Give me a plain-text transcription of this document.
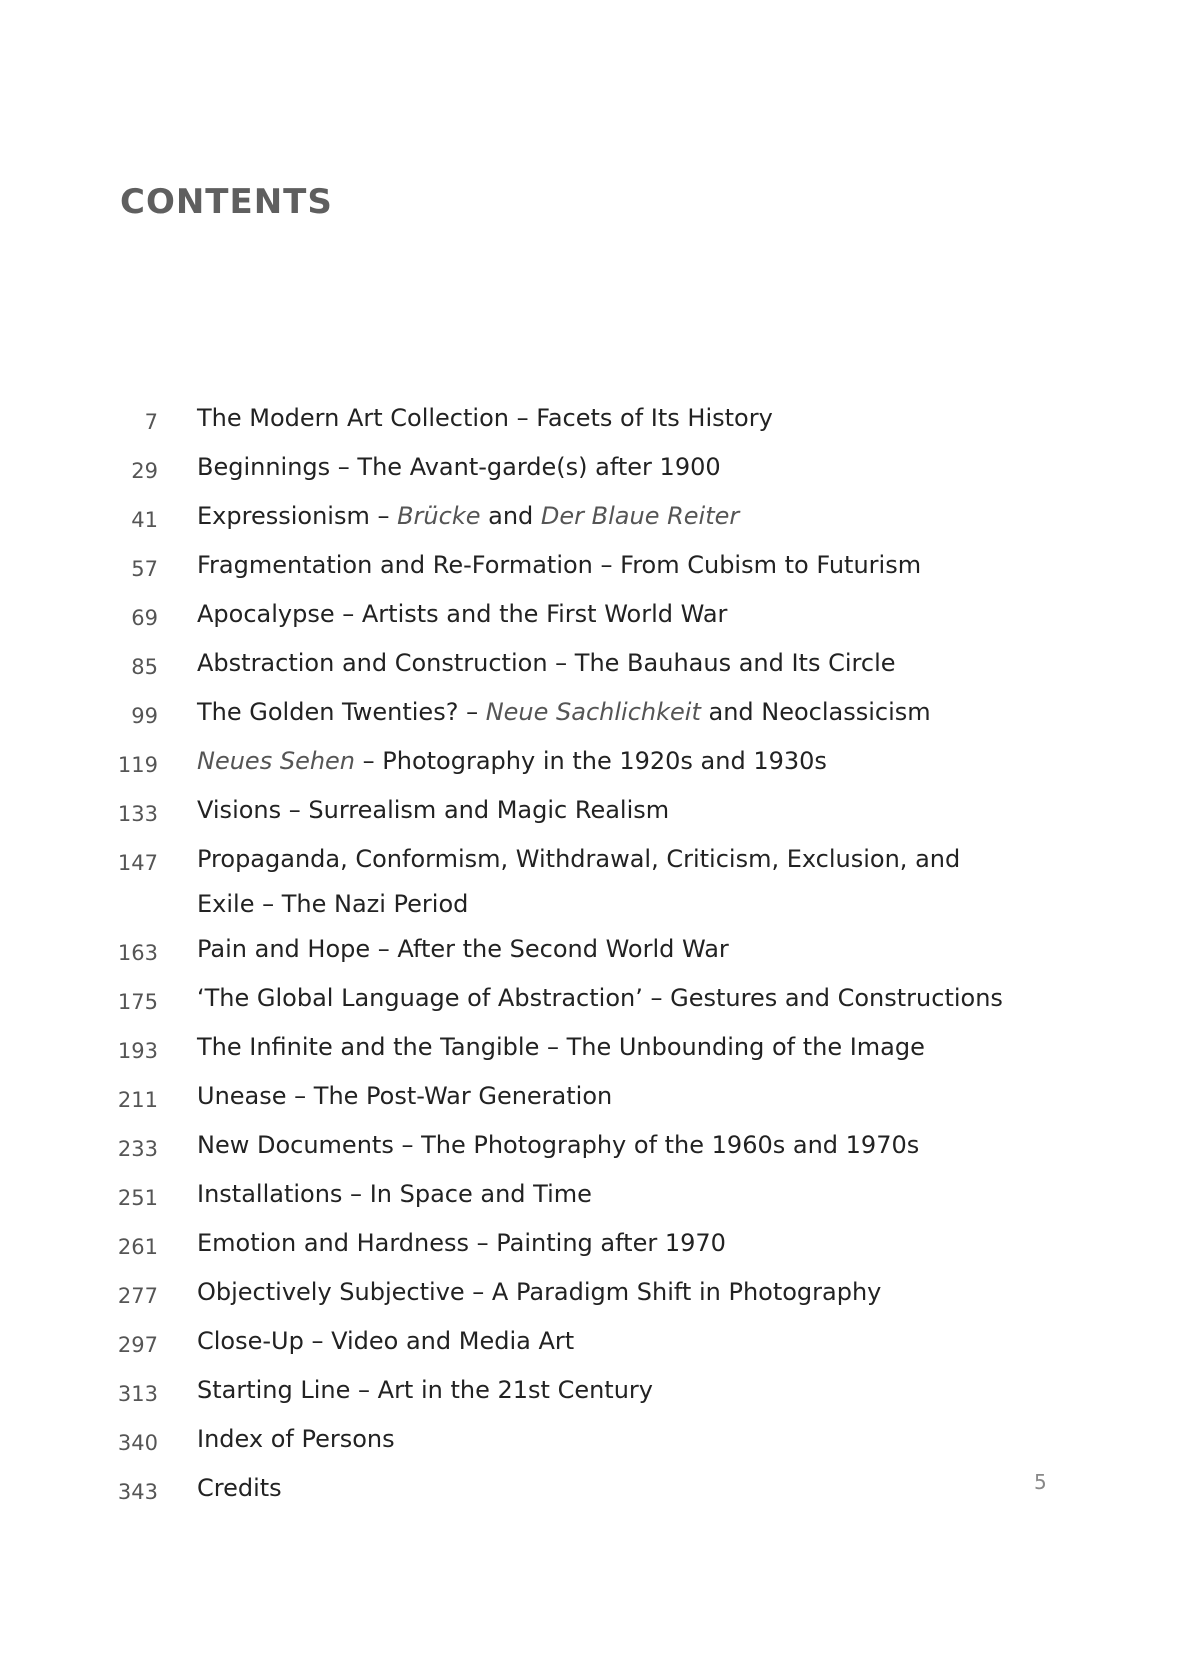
CONTENTS
7 The Modern Art Collection – Facets of Its History
29 Beginnings – The Avant-garde(s) after 1900
41 Expressionism – Brücke and Der Blaue Reiter
57 Fragmentation and Re-Formation – From Cubism to Futurism
69 Apocalypse – Artists and the First World War
85 Abstraction and Construction – The Bauhaus and Its Circle
99 The Golden Twenties? – Neue Sachlichkeit and Neoclassicism
119 Neues Sehen – Photography in the 1920s and 1930s
133 Visions – Surrealism and Magic Realism
147 Propaganda, Conformism, Withdrawal, Criticism, Exclusion, and Exile – The Nazi Period
163 Pain and Hope – After the Second World War
175 ‘The Global Language of Abstraction’ – Gestures and Constructions
193 The Infinite and the Tangible – The Unbounding of the Image
211 Unease – The Post-War Generation
233 New Documents – The Photography of the 1960s and 1970s
251 Installations – In Space and Time
261 Emotion and Hardness – Painting after 1970
277 Objectively Subjective – A Paradigm Shift in Photography
297 Close-Up – Video and Media Art
313 Starting Line – Art in the 21st Century
340 Index of Persons
343 Credits	5
